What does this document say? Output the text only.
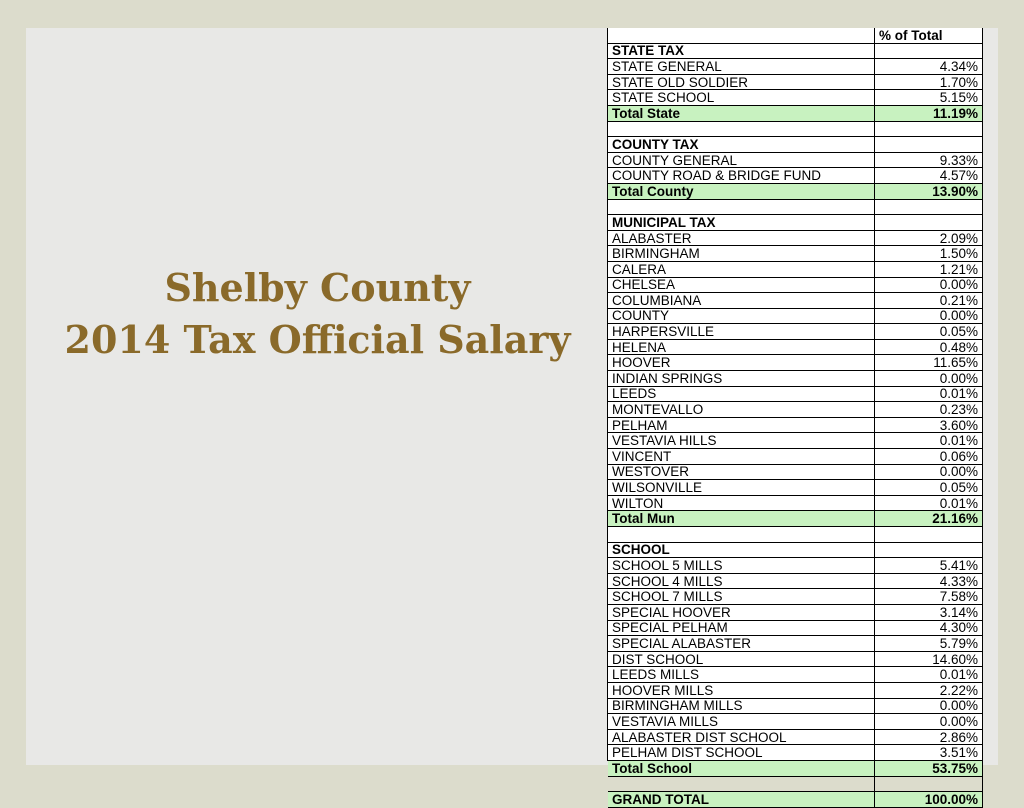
Shelby County
2014 Tax Official Salary
	% of Total
STATE TAX	
STATE GENERAL	4.34%
STATE OLD SOLDIER	1.70%
STATE SCHOOL	5.15%
Total State	11.19%

COUNTY TAX	
COUNTY GENERAL	9.33%
COUNTY ROAD & BRIDGE FUND	4.57%
Total County	13.90%

MUNICIPAL TAX	
ALABASTER	2.09%
BIRMINGHAM	1.50%
CALERA	1.21%
CHELSEA	0.00%
COLUMBIANA	0.21%
COUNTY	0.00%
HARPERSVILLE	0.05%
HELENA	0.48%
HOOVER	11.65%
INDIAN SPRINGS	0.00%
LEEDS	0.01%
MONTEVALLO	0.23%
PELHAM	3.60%
VESTAVIA HILLS	0.01%
VINCENT	0.06%
WESTOVER	0.00%
WILSONVILLE	0.05%
WILTON	0.01%
Total Mun	21.16%

SCHOOL	
SCHOOL 5 MILLS	5.41%
SCHOOL 4 MILLS	4.33%
SCHOOL 7 MILLS	7.58%
SPECIAL HOOVER	3.14%
SPECIAL PELHAM	4.30%
SPECIAL ALABASTER	5.79%
DIST SCHOOL	14.60%
LEEDS MILLS	0.01%
HOOVER MILLS	2.22%
BIRMINGHAM MILLS	0.00%
VESTAVIA MILLS	0.00%
ALABASTER DIST SCHOOL	2.86%
PELHAM DIST SCHOOL	3.51%
Total School	53.75%

GRAND TOTAL	100.00%
